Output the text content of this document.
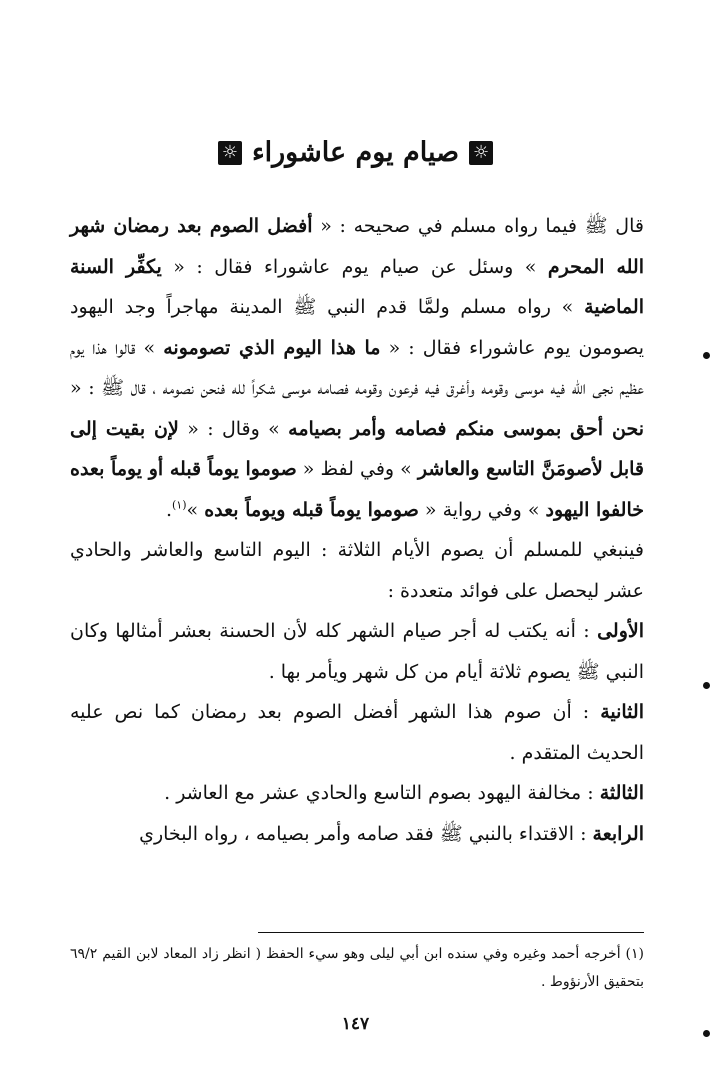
☼
صيام يوم عاشوراء
☼

قال ﷺ فيما رواه مسلم في صحيحه : « أفضل الصوم بعد رمضان شهر الله المحرم » وسئل عن صيام يوم عاشوراء فقال : « يكفِّر السنة الماضية » رواه مسلم ولمَّا قدم النبي ﷺ المدينة مهاجراً وجد اليهود يصومون يوم عاشوراء فقال : « ما هذا اليوم الذي تصومونه » قالوا هذا يوم عظيم نجى الله فيه موسى وقومه وأغرق فيه فرعون وقومه فصامه موسى شكراً لله فنحن نصومه ، قال ﷺ : « نحن أحق بموسى منكم فصامه وأمر بصيامه » وقال : « لإن بقيت إلى قابل لأصومَنَّ التاسع والعاشر » وفي لفظ « صوموا يوماً قبله أو يوماً بعده خالفوا اليهود » وفي رواية « صوموا يوماً قبله ويوماً بعده »$^{(١)}$.

فينبغي للمسلم أن يصوم الأيام الثلاثة : اليوم التاسع والعاشر والحادي عشر ليحصل على فوائد متعددة :

الأولى : أنه يكتب له أجر صيام الشهر كله لأن الحسنة بعشر أمثالها وكان النبي ﷺ يصوم ثلاثة أيام من كل شهر ويأمر بها .

الثانية : أن صوم هذا الشهر أفضل الصوم بعد رمضان كما نص عليه الحديث المتقدم .

الثالثة : مخالفة اليهود بصوم التاسع والحادي عشر مع العاشر .

الرابعة : الاقتداء بالنبي ﷺ فقد صامه وأمر بصيامه ، رواه البخاري

(١) أخرجه أحمد وغيره وفي سنده ابن أبي ليلى وهو سيء الحفظ ( انظر زاد المعاد لابن القيم ٦٩/٢ بتحقيق الأرنؤوط .

١٤٧
